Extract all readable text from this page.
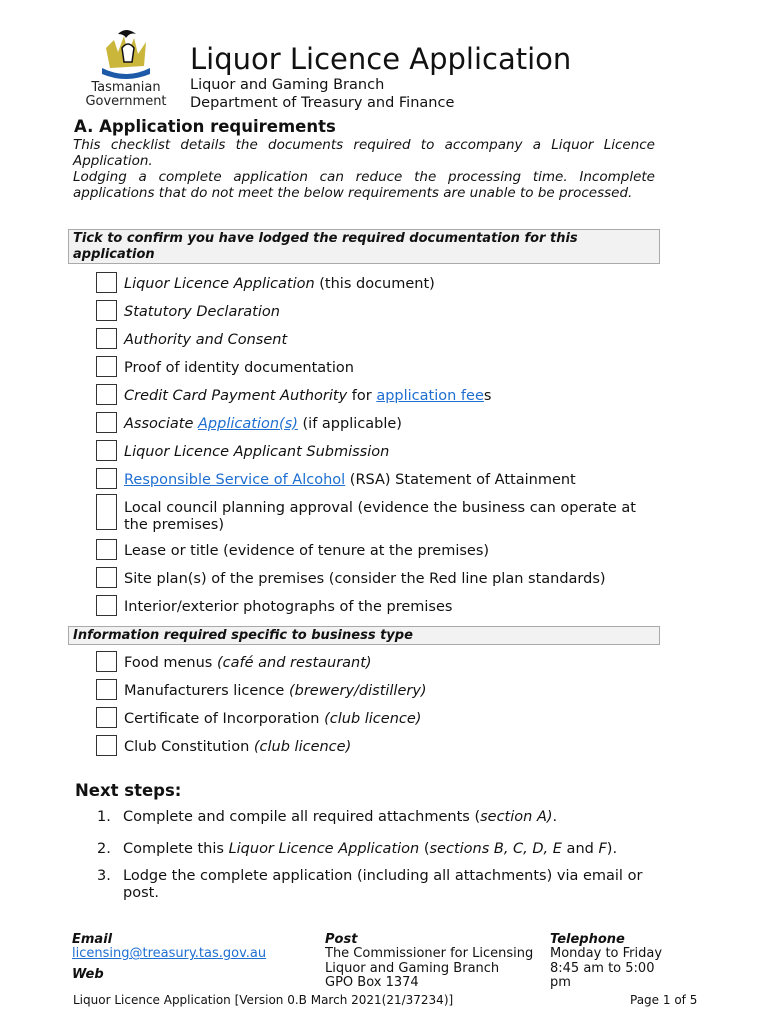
Tasmanian
Government
Liquor Licence Application
Liquor and Gaming Branch
Department of Treasury and Finance
A. Application requirements
This checklist details the documents required to accompany a Liquor Licence Application.
Lodging a complete application can reduce the processing time. Incomplete applications that do not meet the below requirements are unable to be processed.
Tick to confirm you have lodged the required documentation for this application
Liquor Licence Application (this document)
Statutory Declaration
Authority and Consent
Proof of identity documentation
Credit Card Payment Authority for application fees
Associate Application(s) (if applicable)
Liquor Licence Applicant Submission
Responsible Service of Alcohol (RSA) Statement of Attainment
Local council planning approval (evidence the business can operate at the premises)
Lease or title (evidence of tenure at the premises)
Site plan(s) of the premises (consider the Red line plan standards)
Interior/exterior photographs of the premises
Information required specific to business type
Food menus (café and restaurant)
Manufacturers licence (brewery/distillery)
Certificate of Incorporation (club licence)
Club Constitution (club licence)
Next steps:
1. Complete and compile all required attachments (section A).
2. Complete this Liquor Licence Application (sections B, C, D, E and F).
3. Lodge the complete application (including all attachments) via email or post.
Email
licensing@treasury.tas.gov.au
Web
Post
The Commissioner for Licensing
Liquor and Gaming Branch
GPO Box 1374
Telephone
Monday to Friday
8:45 am to 5:00
pm
Liquor Licence Application [Version 0.B March 2021(21/37234)]	Page 1 of 5
